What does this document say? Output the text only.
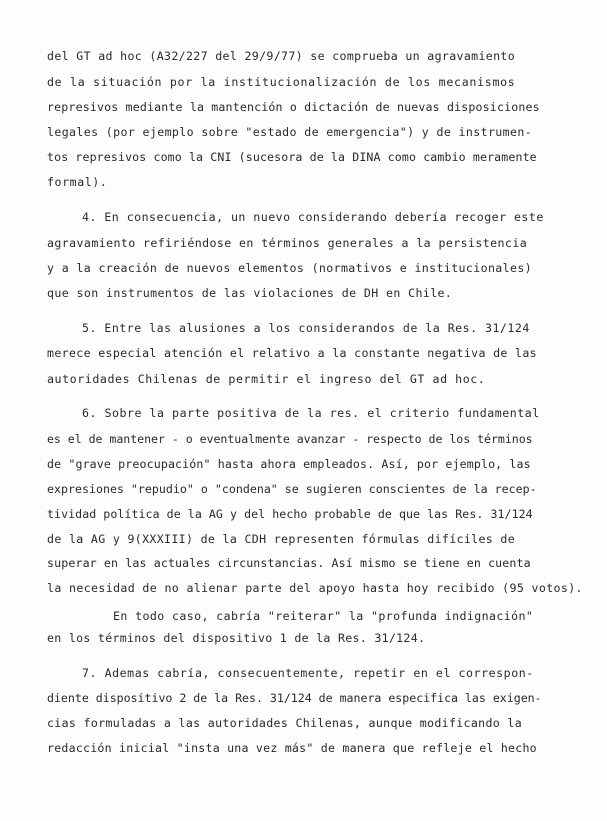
del GT ad hoc (A32/227 del 29/9/77) se comprueba un agravamiento
de la situación por la institucionalización de los mecanismos
represivos mediante la mantención o dictación de nuevas disposiciones
legales (por ejemplo sobre "estado de emergencia") y de instrumen-
tos represivos como la CNI (sucesora de la DINA como cambio meramente
formal).
4. En consecuencia, un nuevo considerando debería recoger este
agravamiento refiriéndose en términos generales a la persistencia
y a la creación de nuevos elementos (normativos e institucionales)
que son instrumentos de las violaciones de DH en Chile.
5. Entre las alusiones a los considerandos de la Res. 31/124
merece especial atención el relativo a la constante negativa de las
autoridades Chilenas de permitir el ingreso del GT ad hoc.
6. Sobre la parte positiva de la res. el criterio fundamental
es el de mantener - o eventualmente avanzar - respecto de los términos
de "grave preocupación" hasta ahora empleados. Así, por ejemplo, las
expresiones "repudio" o "condena" se sugieren conscientes de la recep-
tividad política de la AG y del hecho probable de que las Res. 31/124
de la AG y 9(XXXIII) de la CDH representen fórmulas difíciles de
superar en las actuales circunstancias. Así mismo se tiene en cuenta
la necesidad de no alienar parte del apoyo hasta hoy recibido (95 votos).
En todo caso, cabría "reiterar" la "profunda indignación"
en los términos del dispositivo 1 de la Res. 31/124.
7. Ademas cabría, consecuentemente, repetir en el correspon-
diente dispositivo 2 de la Res. 31/124 de manera especifica las exigen-
cias formuladas a las autoridades Chilenas, aunque modificando la
redacción inicial "insta una vez más" de manera que refleje el hecho
